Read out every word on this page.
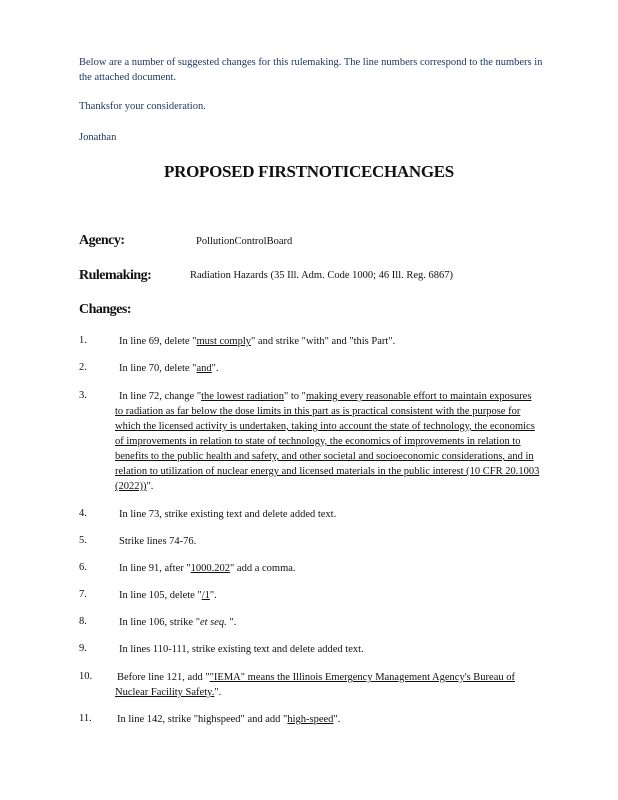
Below are a number of suggested changes for this rulemaking. The line numbers correspond to the numbers in the attached document.
Thanksfor your consideration.
Jonathan
PROPOSED FIRSTNOTICECHANGES
Agency:	PollutionControlBoard
Rulemaking:	Radiation Hazards (35 Ill. Adm. Code 1000; 46 Ill. Reg. 6867)
Changes:
1.	In line 69, delete "must comply" and strike "with" and "this Part".
2.	In line 70, delete "and".
3.	In line 72, change "the lowest radiation" to "making every reasonable effort to maintain exposures to radiation as far below the dose limits in this part as is practical consistent with the purpose for which the licensed activity is undertaken, taking into account the state of technology, the economics of improvements in relation to state of technology, the economics of improvements in relation to benefits to the public health and safety, and other societal and socioeconomic considerations, and in relation to utilization of nuclear energy and licensed materials in the public interest (10 CFR 20.1003 (2022))".
4.	In line 73, strike existing text and delete added text.
5.	Strike lines 74-76.
6.	In line 91, after "1000.202" add a comma.
7.	In line 105, delete "/1".
8.	In line 106, strike "et seq. ".
9.	In lines 110-111, strike existing text and delete added text.
10. Before line 121, add ""IEMA" means the Illinois Emergency Management Agency's Bureau of Nuclear Facility Safety.".
11. In line 142, strike "highspeed" and add "high-speed".
